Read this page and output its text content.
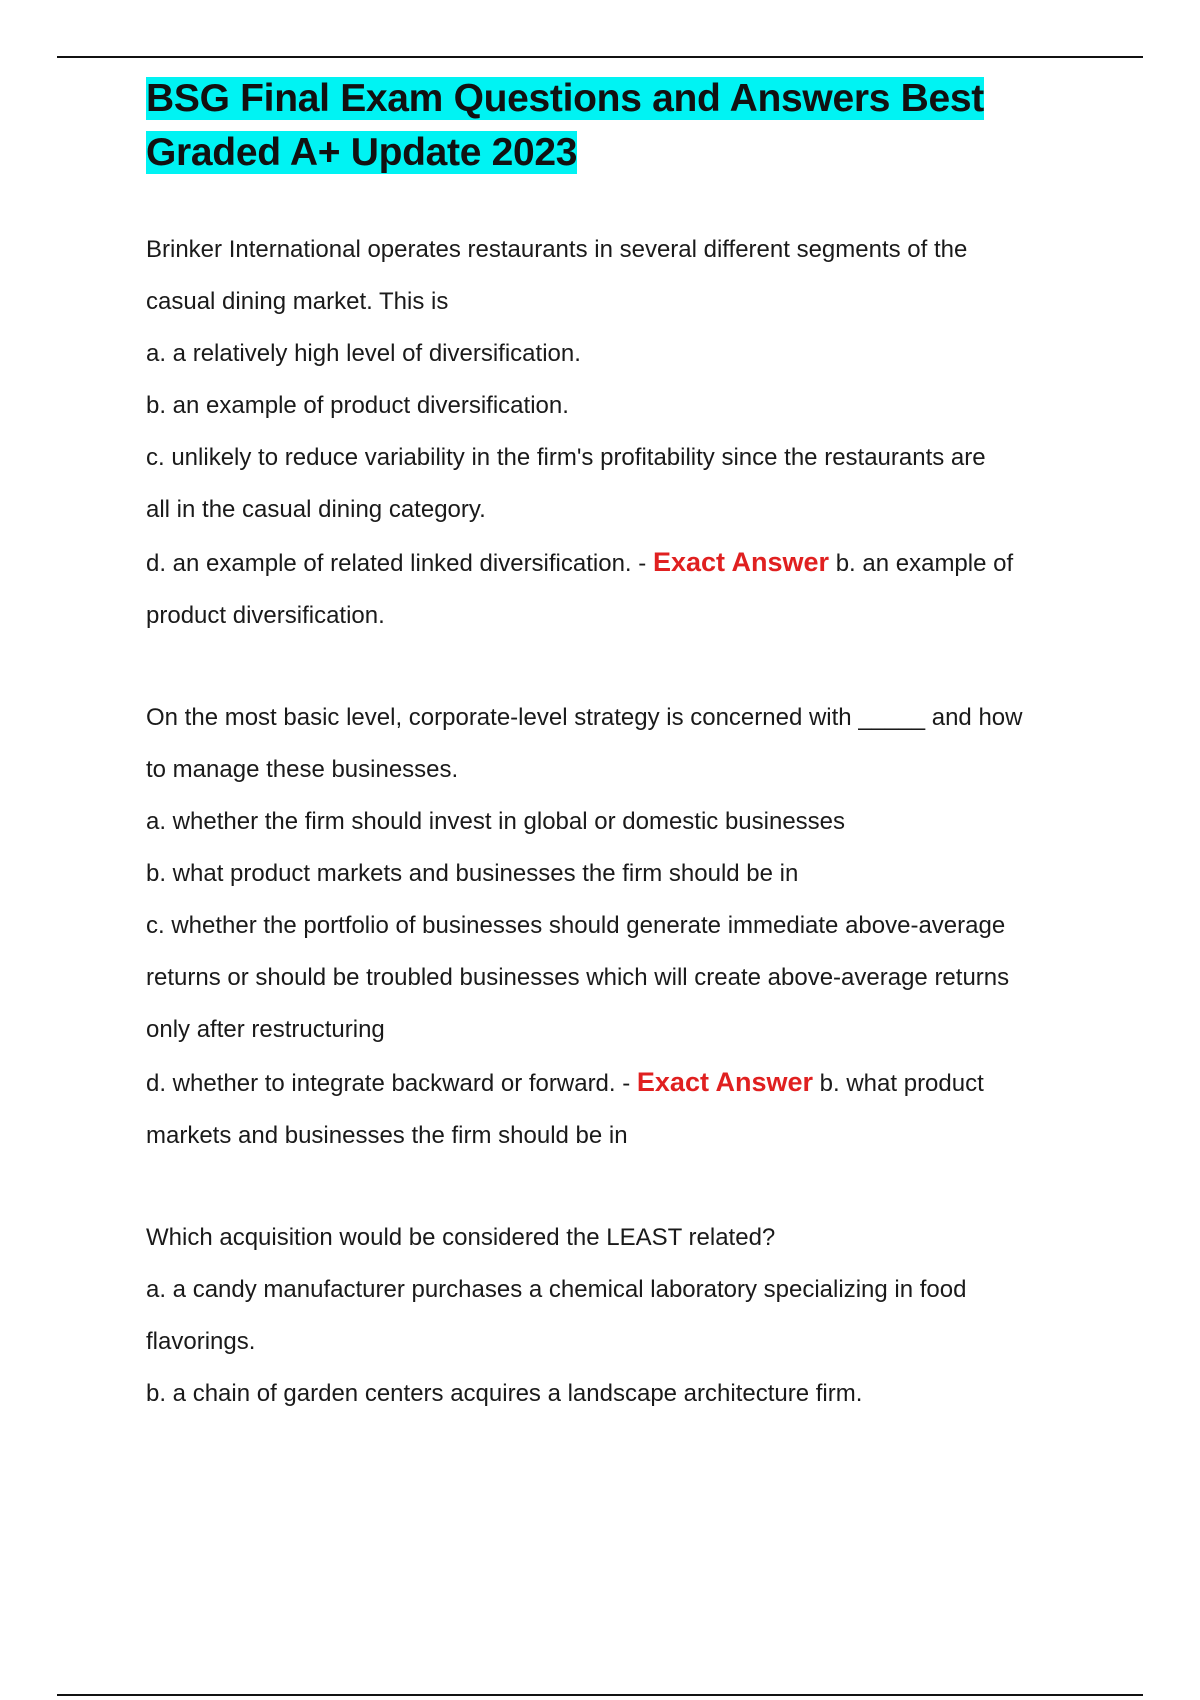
BSG Final Exam Questions and Answers Best
Graded A+ Update 2023

Brinker International operates restaurants in several different segments of the

casual dining market. This is

a. a relatively high level of diversification.

b. an example of product diversification.

c. unlikely to reduce variability in the firm's profitability since the restaurants are

all in the casual dining category.

d. an example of related linked diversification. - Exact Answer b. an example of

product diversification.

On the most basic level, corporate-level strategy is concerned with _____ and how

to manage these businesses.

a. whether the firm should invest in global or domestic businesses

b. what product markets and businesses the firm should be in

c. whether the portfolio of businesses should generate immediate above-average

returns or should be troubled businesses which will create above-average returns

only after restructuring

d. whether to integrate backward or forward. - Exact Answer b. what product

markets and businesses the firm should be in

Which acquisition would be considered the LEAST related?

a. a candy manufacturer purchases a chemical laboratory specializing in food

flavorings.

b. a chain of garden centers acquires a landscape architecture firm.
